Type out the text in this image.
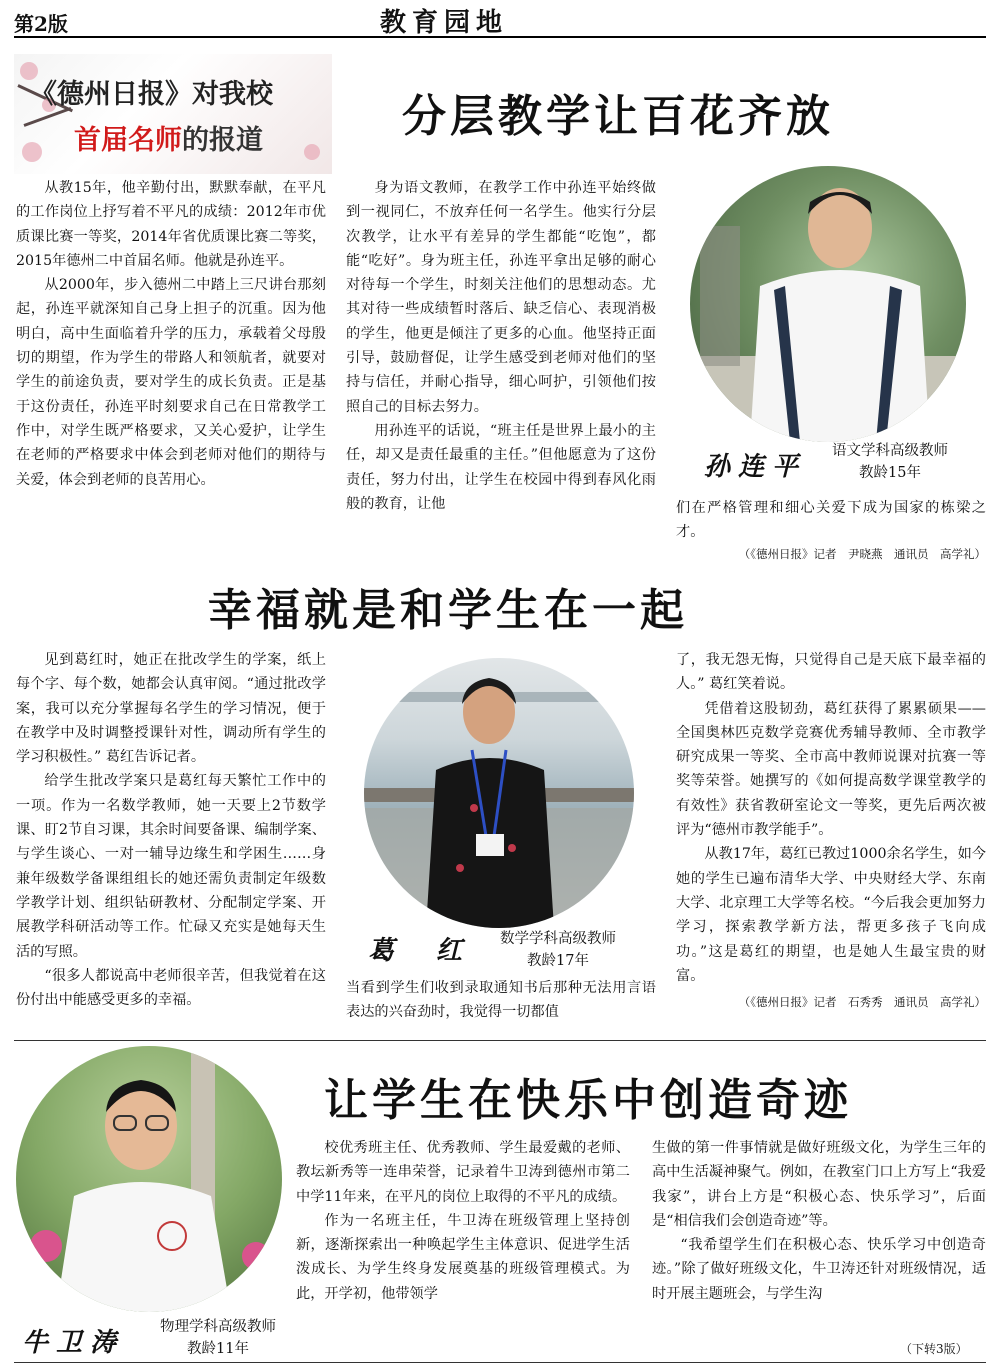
第2版	教育园地
《德州日报》对我校
首届名师的报道	分层教学让百花齐放

从教15年，他辛勤付出，默默奉献，在平凡的工作岗位上抒写着不平凡的成绩：2012年市优质课比赛一等奖，2014年省优质课比赛二等奖，2015年德州二中首届名师。他就是孙连平。

从2000年，步入德州二中踏上三尺讲台那刻起，孙连平就深知自己身上担子的沉重。因为他明白，高中生面临着升学的压力，承载着父母殷切的期望，作为学生的带路人和领航者，就要对学生的前途负责，要对学生的成长负责。正是基于这份责任，孙连平时刻要求自己在日常教学工作中，对学生既严格要求，又关心爱护，让学生在老师的严格要求中体会到老师对他们的期待与关爱，体会到老师的良苦用心。

身为语文教师，在教学工作中孙连平始终做到一视同仁，不放弃任何一名学生。他实行分层次教学，让水平有差异的学生都能“吃饱”，都能“吃好”。身为班主任，孙连平拿出足够的耐心对待每一个学生，时刻关注他们的思想动态。尤其对待一些成绩暂时落后、缺乏信心、表现消极的学生，他更是倾注了更多的心血。他坚持正面引导，鼓励督促，让学生感受到老师对他们的坚持与信任，并耐心指导，细心呵护，引领他们按照自己的目标去努力。

用孙连平的话说，“班主任是世界上最小的主任，却又是责任最重的主任。”但他愿意为了这份责任，努力付出，让学生在校园中得到春风化雨般的教育，让他

孙连平
语文学科高级教师
教龄15年

们在严格管理和细心关爱下成为国家的栋梁之才。

（《德州日报》记者　尹晓燕　通讯员　高学礼）
幸福就是和学生在一起

见到葛红时，她正在批改学生的学案，纸上每个字、每个数，她都会认真审阅。“通过批改学案，我可以充分掌握每名学生的学习情况，便于在教学中及时调整授课针对性，调动所有学生的学习积极性。” 葛红告诉记者。

给学生批改学案只是葛红每天繁忙工作中的一项。作为一名数学教师，她一天要上2节数学课、盯2节自习课，其余时间要备课、编制学案、与学生谈心、一对一辅导边缘生和学困生……身兼年级数学备课组组长的她还需负责制定年级数学教学计划、组织钻研教材、分配制定学案、开展教学科研活动等工作。忙碌又充实是她每天生活的写照。

“很多人都说高中老师很辛苦，但我觉着在这份付出中能感受更多的幸福。

葛　红	数学学科高级教师
教龄17年

当看到学生们收到录取通知书后那种无法用言语表达的兴奋劲时，我觉得一切都值

了，我无怨无悔，只觉得自己是天底下最幸福的人。” 葛红笑着说。

凭借着这股韧劲，葛红获得了累累硕果——全国奥林匹克数学竞赛优秀辅导教师、全市教学研究成果一等奖、全市高中教师说课对抗赛一等奖等荣誉。她撰写的《如何提高数学课堂教学的有效性》获省教研室论文一等奖，更先后两次被评为“德州市教学能手”。

从教17年，葛红已教过1000余名学生，如今她的学生已遍布清华大学、中央财经大学、东南大学、北京理工大学等名校。“今后我会更加努力学习，探索教学新方法，帮更多孩子飞向成功。”这是葛红的期望，也是她人生最宝贵的财富。

（《德州日报》记者　石秀秀　通讯员　高学礼）
让学生在快乐中创造奇迹
牛卫涛
物理学科高级教师
教龄11年

校优秀班主任、优秀教师、学生最爱戴的老师、教坛新秀等一连串荣誉，记录着牛卫涛到德州市第二中学11年来，在平凡的岗位上取得的不平凡的成绩。

作为一名班主任，牛卫涛在班级管理上坚持创新，逐渐探索出一种唤起学生主体意识、促进学生活泼成长、为学生终身发展奠基的班级管理模式。为此，开学初，他带领学

生做的第一件事情就是做好班级文化，为学生三年的高中生活凝神聚气。例如，在教室门口上方写上“我爱我家”，讲台上方是“积极心态、快乐学习”，后面是“相信我们会创造奇迹”等。

“我希望学生们在积极心态、快乐学习中创造奇迹。”除了做好班级文化，牛卫涛还针对班级情况，适时开展主题班会，与学生沟

（下转3版）
